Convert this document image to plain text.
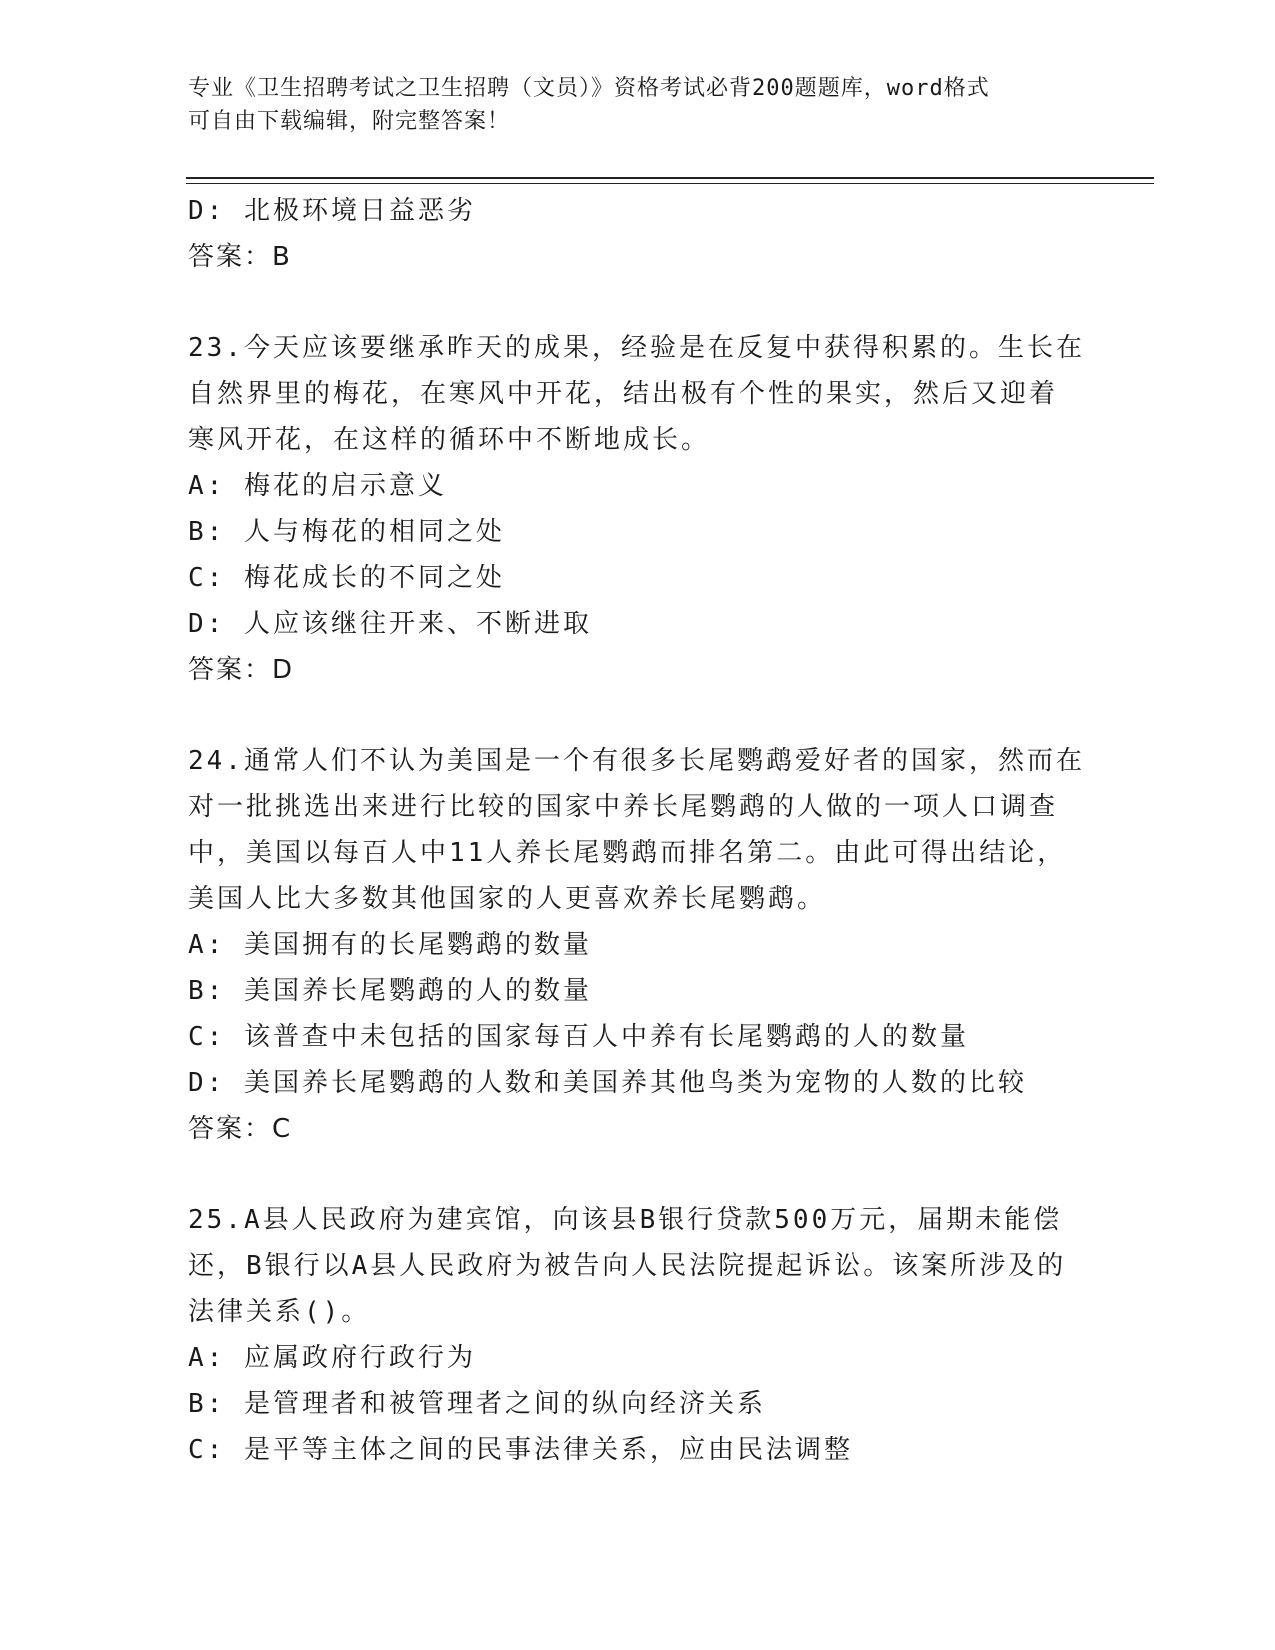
专业《卫生招聘考试之卫生招聘（文员）》资格考试必背200题题库，word格式
可自由下载编辑，附完整答案！
D: 北极环境日益恶劣
答案：B
23.今天应该要继承昨天的成果，经验是在反复中获得积累的。生长在
自然界里的梅花，在寒风中开花，结出极有个性的果实，然后又迎着
寒风开花，在这样的循环中不断地成长。
A: 梅花的启示意义
B: 人与梅花的相同之处
C: 梅花成长的不同之处
D: 人应该继往开来、不断进取
答案：D
24.通常人们不认为美国是一个有很多长尾鹦鹉爱好者的国家，然而在
对一批挑选出来进行比较的国家中养长尾鹦鹉的人做的一项人口调查
中，美国以每百人中11人养长尾鹦鹉而排名第二。由此可得出结论，
美国人比大多数其他国家的人更喜欢养长尾鹦鹉。
A: 美国拥有的长尾鹦鹉的数量
B: 美国养长尾鹦鹉的人的数量
C: 该普查中未包括的国家每百人中养有长尾鹦鹉的人的数量
D: 美国养长尾鹦鹉的人数和美国养其他鸟类为宠物的人数的比较
答案：C
25.A县人民政府为建宾馆，向该县B银行贷款500万元，届期未能偿
还，B银行以A县人民政府为被告向人民法院提起诉讼。该案所涉及的
法律关系()。
A: 应属政府行政行为
B: 是管理者和被管理者之间的纵向经济关系
C: 是平等主体之间的民事法律关系，应由民法调整
